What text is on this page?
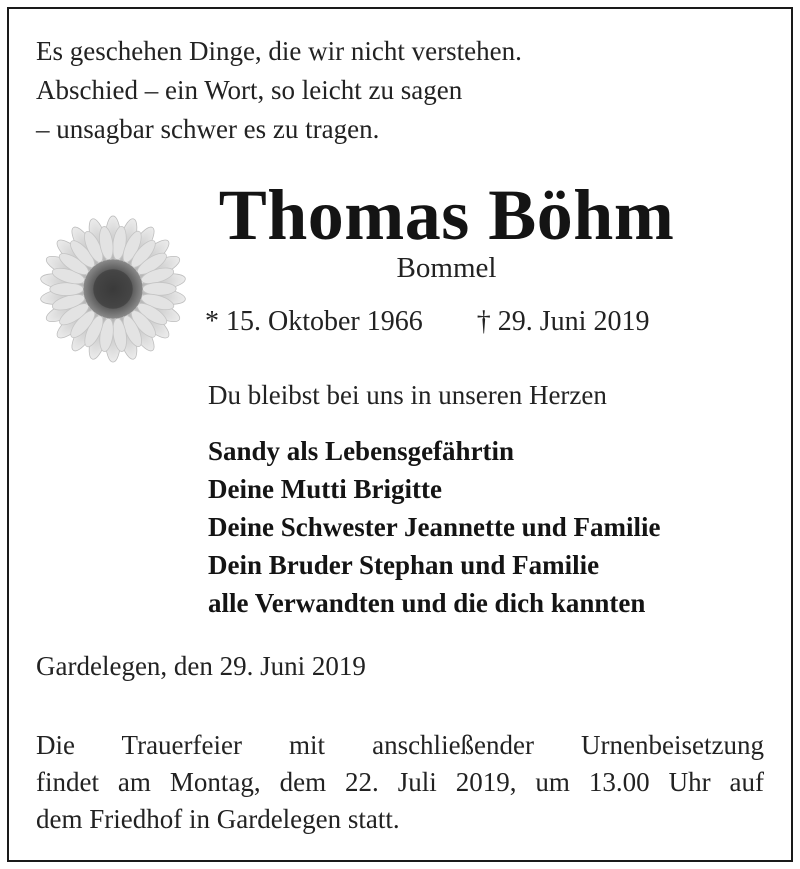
Es geschehen Dinge, die wir nicht verstehen.
Abschied – ein Wort, so leicht zu sagen
– unsagbar schwer es zu tragen.
Thomas Böhm
Bommel
* 15. Oktober 1966 † 29. Juni 2019
Du bleibst bei uns in unseren Herzen
Sandy als Lebensgefährtin
Deine Mutti Brigitte
Deine Schwester Jeannette und Familie
Dein Bruder Stephan und Familie
alle Verwandten und die dich kannten
Gardelegen, den 29. Juni 2019
Die Trauerfeier mit anschließender Urnenbeisetzung
findet am Montag, dem 22. Juli 2019, um 13.00 Uhr auf
dem Friedhof in Gardelegen statt.
